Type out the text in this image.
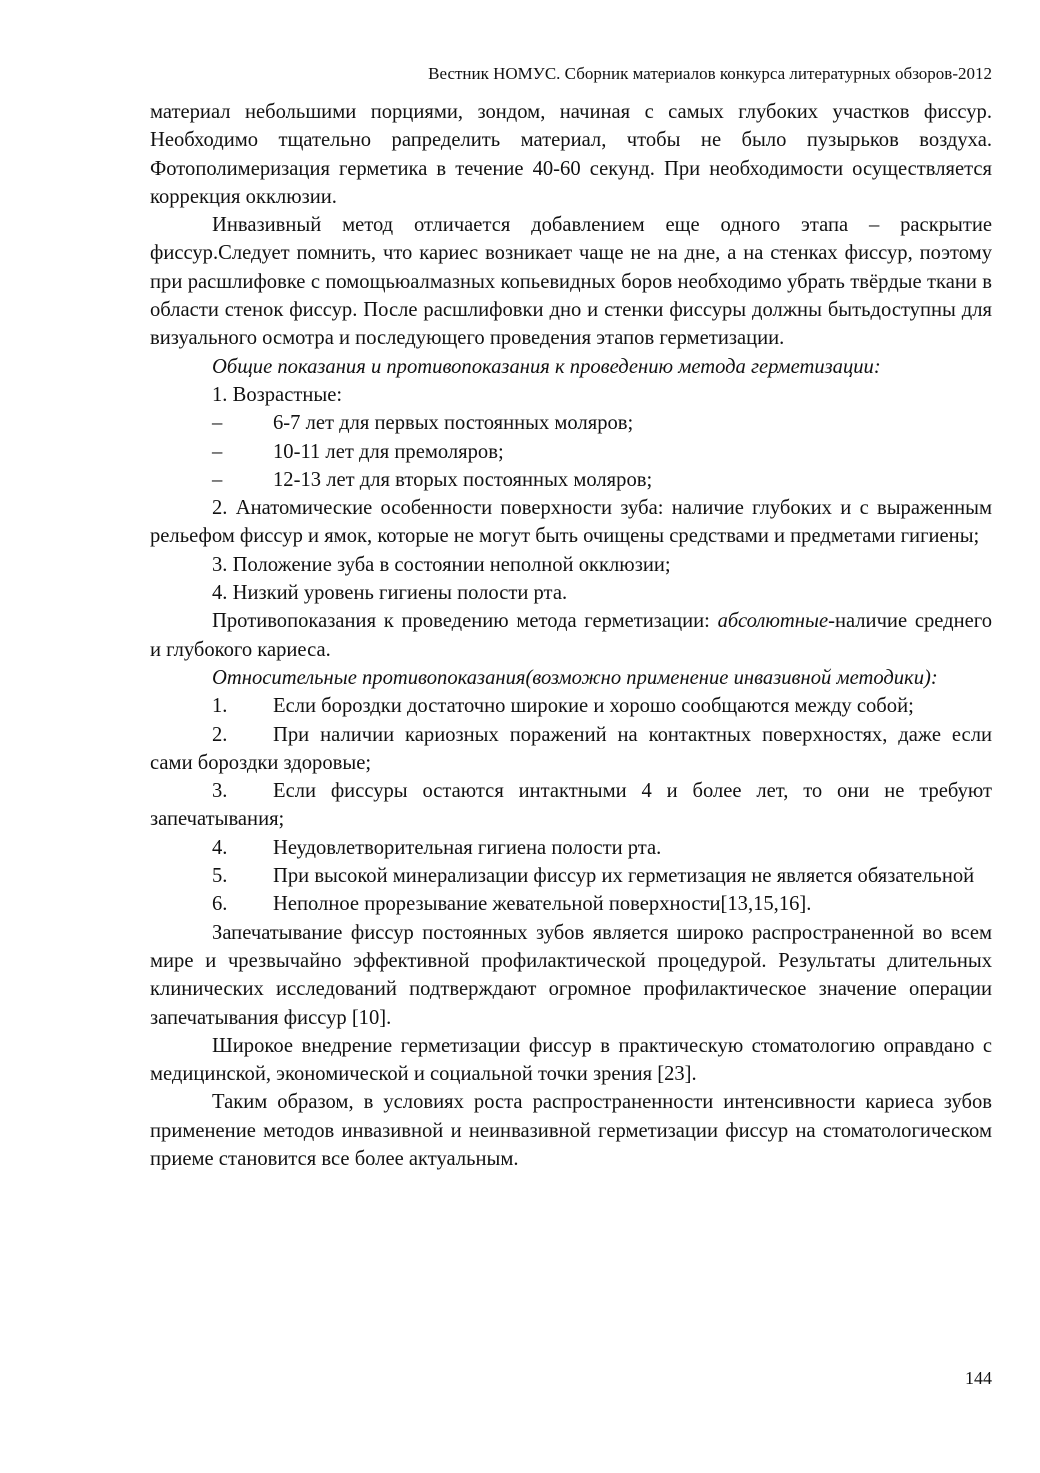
Вестник НОМУС. Сборник материалов конкурса литературных обзоров-2012

материал небольшими порциями, зондом, начиная с самых глубоких участков фиссур. Необходимо тщательно рапределить материал, чтобы не было пузырьков воздуха. Фотополимеризация герметика в течение 40-60 секунд. При необходимости осуществляется коррекция окклюзии.

Инвазивный метод отличается добавлением еще одного этапа – раскрытие фиссур.Следует помнить, что кариес возникает чаще не на дне, а на стенках фиссур, поэтому при расшлифовке с помощьюалмазных копьевидных боров необходимо убрать твёрдые ткани в области стенок фиссур. После расшлифовки дно и стенки фиссуры должны бытьдоступны для визуального осмотра и последующего проведения этапов герметизации.

Общие показания и противопоказания к проведению метода герметизации:

1. Возрастные:

– 6-7 лет для первых постоянных моляров;

– 10-11 лет для премоляров;

– 12-13 лет для вторых постоянных моляров;

2. Анатомические особенности поверхности зуба: наличие глубоких и с выраженным рельефом фиссур и ямок, которые не могут быть очищены средствами и предметами гигиены;

3. Положение зуба в состоянии неполной окклюзии;

4. Низкий уровень гигиены полости рта.

Противопоказания к проведению метода герметизации: абсолютные-наличие среднего и глубокого кариеса.

Относительные противопоказания(возможно применение инвазивной методики):

1. Если бороздки достаточно широкие и хорошо сообщаются между собой;

2. При наличии кариозных поражений на контактных поверхностях, даже если сами бороздки здоровые;

3. Если фиссуры остаются интактными 4 и более лет, то они не требуют запечатывания;

4. Неудовлетворительная гигиена полости рта.

5. При высокой минерализации фиссур их герметизация не является обязательной

6. Неполное прорезывание жевательной поверхности[13,15,16].

Запечатывание фиссур постоянных зубов является широко распространенной во всем мире и чрезвычайно эффективной профилактической процедурой. Результаты длительных клинических исследований подтверждают огромное профилактическое значение операции запечатывания фиссур [10].

Широкое внедрение герметизации фиссур в практическую стоматологию оправдано с медицинской, экономической и социальной точки зрения [23].

Таким образом, в условиях роста распространенности интенсивности кариеса зубов применение методов инвазивной и неинвазивной герметизации фиссур на стоматологическом приеме становится все более актуальным.

144
